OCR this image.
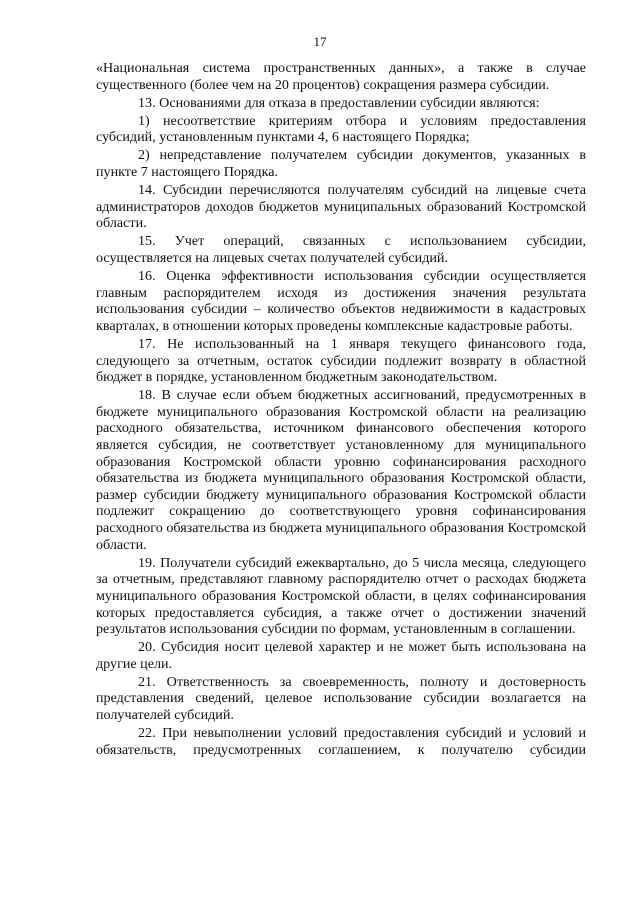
17

«Национальная система пространственных данных», а также в случае существенного (более чем на 20 процентов) сокращения размера субсидии.

13. Основаниями для отказа в предоставлении субсидии являются:

1) несоответствие критериям отбора и условиям предоставления субсидий, установленным пунктами 4, 6 настоящего Порядка;

2) непредставление получателем субсидии документов, указанных в пункте 7 настоящего Порядка.

14. Субсидии перечисляются получателям субсидий на лицевые счета администраторов доходов бюджетов муниципальных образований Костромской области.

15. Учет операций, связанных с использованием субсидии, осуществляется на лицевых счетах получателей субсидий.

16. Оценка эффективности использования субсидии осуществляется главным распорядителем исходя из достижения значения результата использования субсидии – количество объектов недвижимости в кадастровых кварталах, в отношении которых проведены комплексные кадастровые работы.

17. Не использованный на 1 января текущего финансового года, следующего за отчетным, остаток субсидии подлежит возврату в областной бюджет в порядке, установленном бюджетным законодательством.

18. В случае если объем бюджетных ассигнований, предусмотренных в бюджете муниципального образования Костромской области на реализацию расходного обязательства, источником финансового обеспечения которого является субсидия, не соответствует установленному для муниципального образования Костромской области уровню софинансирования расходного обязательства из бюджета муниципального образования Костромской области, размер субсидии бюджету муниципального образования Костромской области подлежит сокращению до соответствующего уровня софинансирования расходного обязательства из бюджета муниципального образования Костромской области.

19. Получатели субсидий ежеквартально, до 5 числа месяца, следующего за отчетным, представляют главному распорядителю отчет о расходах бюджета муниципального образования Костромской области, в целях софинансирования которых предоставляется субсидия, а также отчет о достижении значений результатов использования субсидии по формам, установленным в соглашении.

20. Субсидия носит целевой характер и не может быть использована на другие цели.

21. Ответственность за своевременность, полноту и достоверность представления сведений, целевое использование субсидии возлагается на получателей субсидий.

22. При невыполнении условий предоставления субсидий и условий и обязательств, предусмотренных соглашением, к получателю субсидии
